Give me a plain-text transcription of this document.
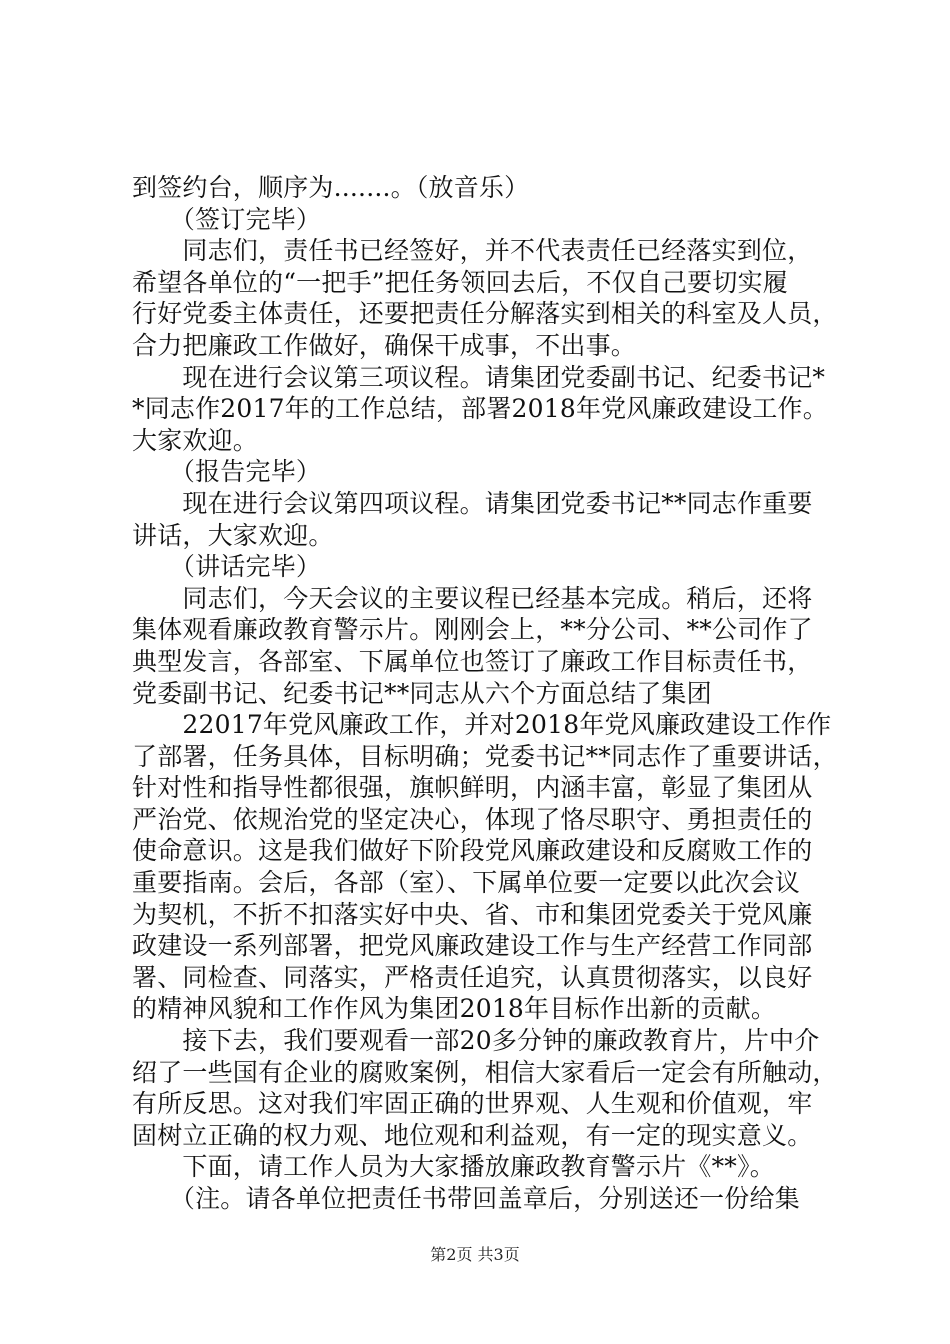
到签约台，顺序为.......。（放音乐）
　　（签订完毕）
　　同志们，责任书已经签好，并不代表责任已经落实到位，
希望各单位的“一把手”把任务领回去后，不仅自己要切实履
行好党委主体责任，还要把责任分解落实到相关的科室及人员，
合力把廉政工作做好，确保干成事，不出事。
　　现在进行会议第三项议程。请集团党委副书记、纪委书记*
*同志作2017年的工作总结，部署2018年党风廉政建设工作。
大家欢迎。
　　（报告完毕）
　　现在进行会议第四项议程。请集团党委书记**同志作重要
讲话，大家欢迎。
　　（讲话完毕）
　　同志们，今天会议的主要议程已经基本完成。稍后，还将
集体观看廉政教育警示片。刚刚会上，**分公司、**公司作了
典型发言，各部室、下属单位也签订了廉政工作目标责任书，
党委副书记、纪委书记**同志从六个方面总结了集团
　　22017年党风廉政工作，并对2018年党风廉政建设工作作
了部署，任务具体，目标明确；党委书记**同志作了重要讲话，
针对性和指导性都很强，旗帜鲜明，内涵丰富，彰显了集团从
严治党、依规治党的坚定决心，体现了恪尽职守、勇担责任的
使命意识。这是我们做好下阶段党风廉政建设和反腐败工作的
重要指南。会后，各部（室）、下属单位要一定要以此次会议
为契机，不折不扣落实好中央、省、市和集团党委关于党风廉
政建设一系列部署，把党风廉政建设工作与生产经营工作同部
署、同检查、同落实，严格责任追究，认真贯彻落实，以良好
的精神风貌和工作作风为集团2018年目标作出新的贡献。
　　接下去，我们要观看一部20多分钟的廉政教育片，片中介
绍了一些国有企业的腐败案例，相信大家看后一定会有所触动，
有所反思。这对我们牢固正确的世界观、人生观和价值观，牢
固树立正确的权力观、地位观和利益观，有一定的现实意义。
　　下面，请工作人员为大家播放廉政教育警示片《**》。
　　（注。请各单位把责任书带回盖章后，分别送还一份给集
第2页 共3页
